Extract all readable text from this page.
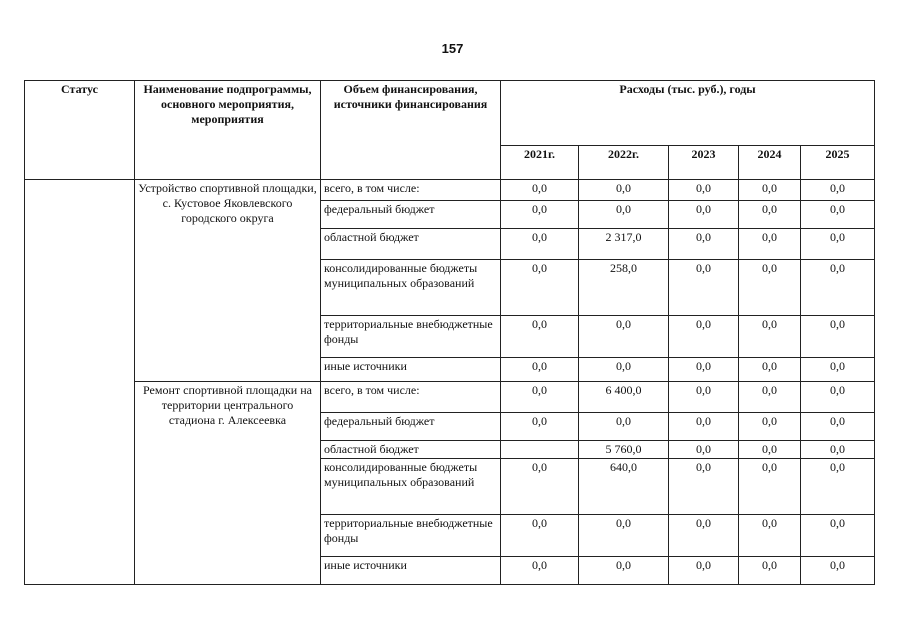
157
Статус	Наименование подпрограммы, основного мероприятия, мероприятия	Объем финансирования, источники финансирования	Расходы (тыс. руб.), годы				
			2021г.	2022г.	2023	2024	2025
	Устройство спортивной площадки, с. Кустовое Яковлевского городского округа	всего, в том числе:	0,0	0,0	0,0	0,0	0,0
		федеральный бюджет	0,0	0,0	0,0	0,0	0,0
		областной бюджет	0,0	2 317,0	0,0	0,0	0,0
		консолидированные бюджеты муниципальных образований	0,0	258,0	0,0	0,0	0,0
		территориальные внебюджетные фонды	0,0	0,0	0,0	0,0	0,0
		иные источники	0,0	0,0	0,0	0,0	0,0
	Ремонт спортивной площадки на территории центрального стадиона г. Алексеевка	всего, в том числе:	0,0	6 400,0	0,0	0,0	0,0
		федеральный бюджет	0,0	0,0	0,0	0,0	0,0
		областной бюджет		5 760,0	0,0	0,0	0,0
		консолидированные бюджеты муниципальных образований	0,0	640,0	0,0	0,0	0,0
		территориальные внебюджетные фонды	0,0	0,0	0,0	0,0	0,0
		иные источники	0,0	0,0	0,0	0,0	0,0
